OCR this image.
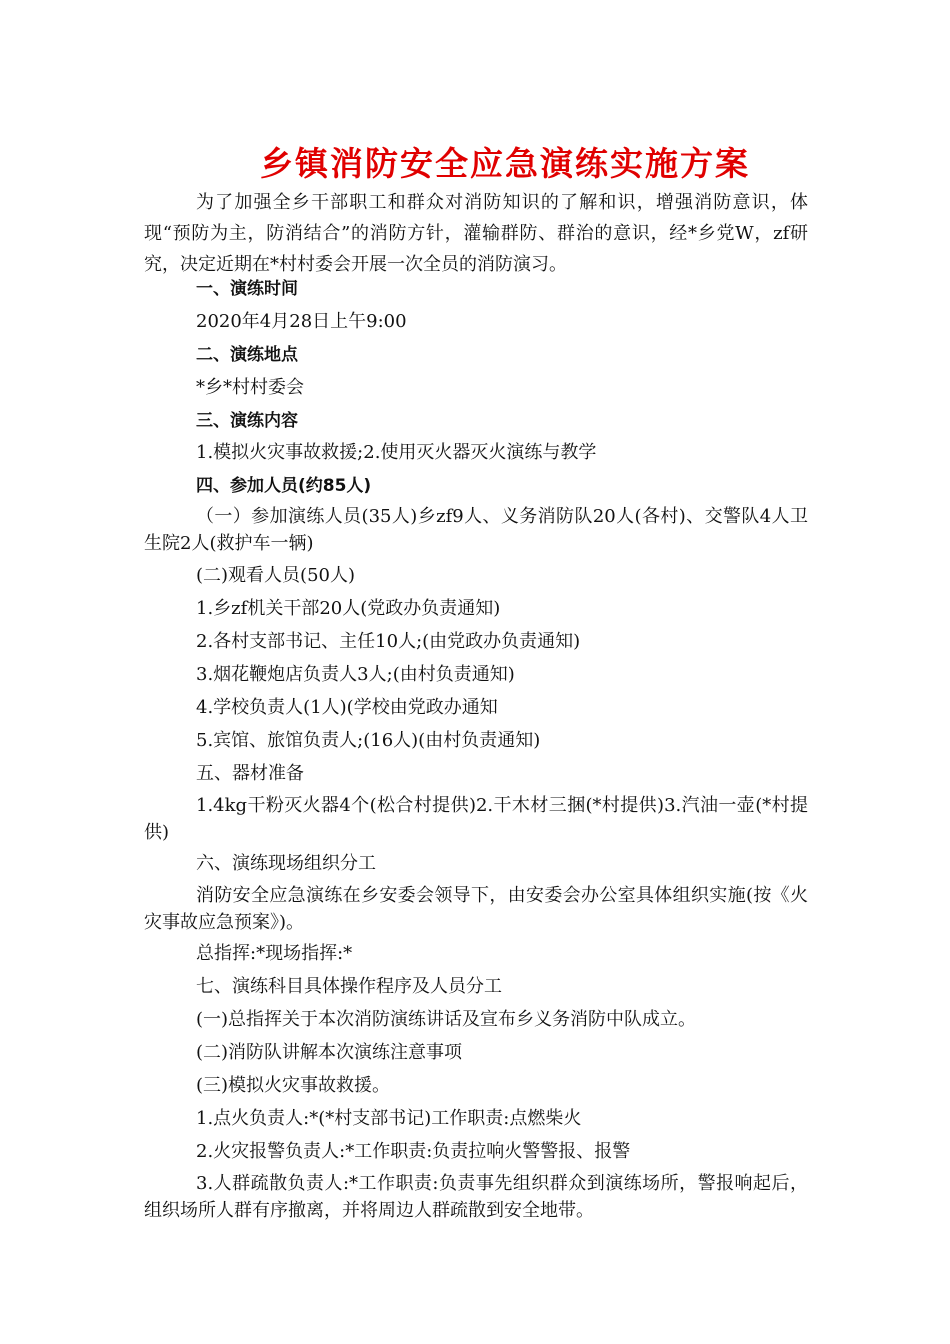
乡镇消防安全应急演练实施方案

为了加强全乡干部职工和群众对消防知识的了解和识，增强消防意识，体现“预防为主，防消结合”的消防方针，灌输群防、群治的意识，经*乡党W，zf研究，决定近期在*村村委会开展一次全员的消防演习。

一、演练时间
2020年4月28日上午9:00
二、演练地点
*乡*村村委会
三、演练内容
1.模拟火灾事故救援;2.使用灭火器灭火演练与教学
四、参加人员(约85人)

（一）参加演练人员(35人)乡zf9人、义务消防队20人(各村)、交警队4人卫生院2人(救护车一辆)

(二)观看人员(50人)
1.乡zf机关干部20人(党政办负责通知)
2.各村支部书记、主任10人;(由党政办负责通知)
3.烟花鞭炮店负责人3人;(由村负责通知)
4.学校负责人(1人)(学校由党政办通知
5.宾馆、旅馆负责人;(16人)(由村负责通知)
五、器材准备

1.4kg干粉灭火器4个(松合村提供)2.干木材三捆(*村提供)3.汽油一壶(*村提供)

六、演练现场组织分工

消防安全应急演练在乡安委会领导下，由安委会办公室具体组织实施(按《火灾事故应急预案》)。

总指挥:*现场指挥:*
七、演练科目具体操作程序及人员分工
(一)总指挥关于本次消防演练讲话及宣布乡义务消防中队成立。
(二)消防队讲解本次演练注意事项
(三)模拟火灾事故救援。
1.点火负责人:*(*村支部书记)工作职责:点燃柴火
2.火灾报警负责人:*工作职责:负责拉响火警警报、报警

3.人群疏散负责人:*工作职责:负责事先组织群众到演练场所，警报响起后，组织场所人群有序撤离，并将周边人群疏散到安全地带。
